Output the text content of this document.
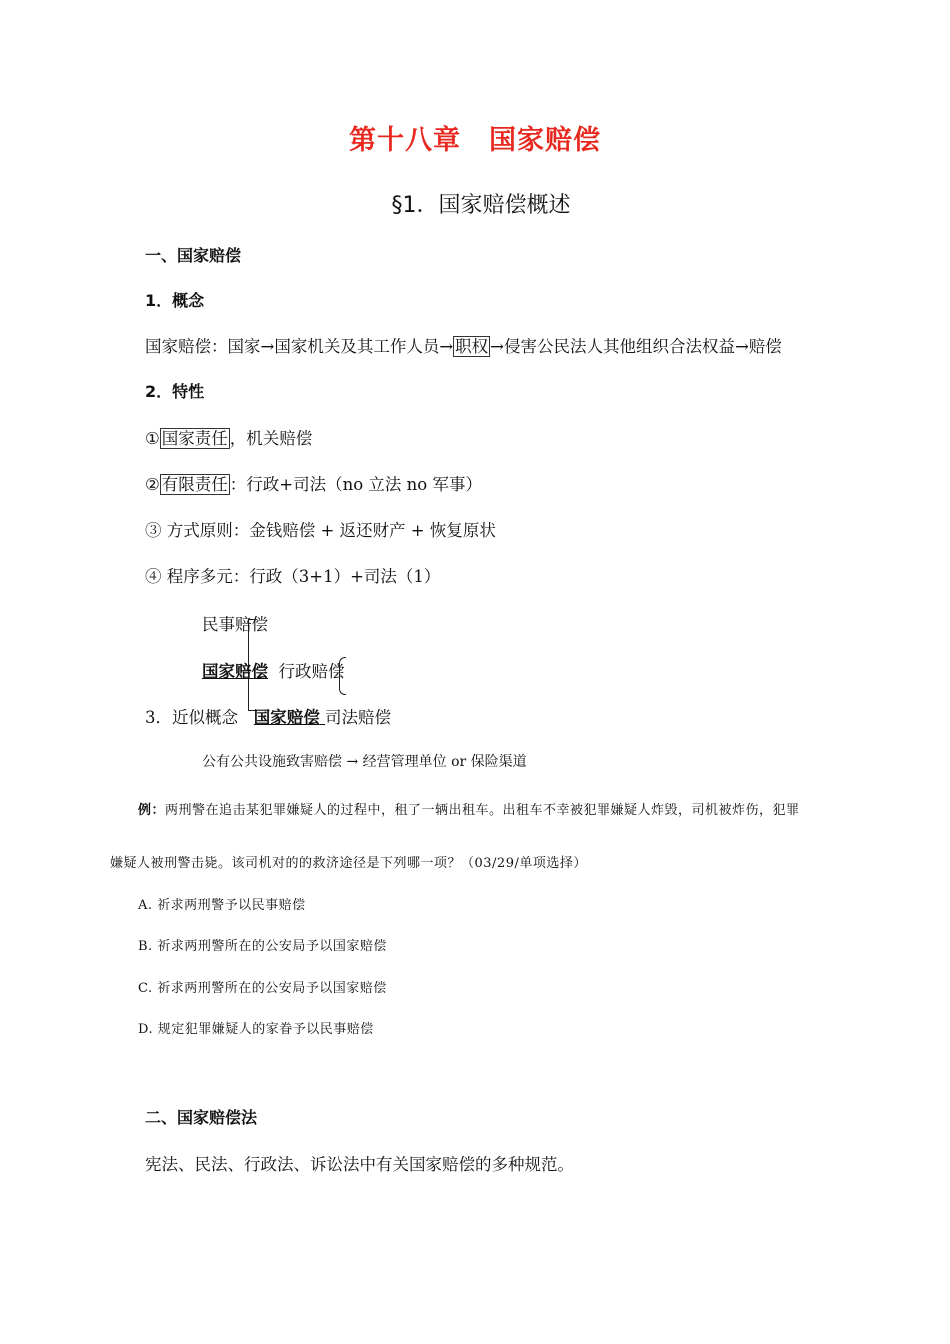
第十八章　国家赔偿
§1．国家赔偿概述
一、国家赔偿
1．概念
国家赔偿：国家→国家机关及其工作人员→ 职权 →侵害公民法人其他组织合法权益→赔偿
2．特性
① 国家责任 ，机关赔偿
② 有限责任 ：行政+司法（no 立法 no 军事）
③ 方式原则：金钱赔偿 + 返还财产 + 恢复原状
④ 程序多元：行政（3+1）+司法（1）
民事赔偿
国家赔偿 行政赔偿
3．近似概念 国家赔偿 司法赔偿
公有公共设施致害赔偿 → 经营管理单位 or 保险渠道
例：两刑警在追击某犯罪嫌疑人的过程中，租了一辆出租车。出租车不幸被犯罪嫌疑人炸毁，司机被炸伤，犯罪
嫌疑人被刑警击毙。该司机对的的救济途径是下列哪一项？（03/29/单项选择）
A. 祈求两刑警予以民事赔偿
B. 祈求两刑警所在的公安局予以国家赔偿
C. 祈求两刑警所在的公安局予以国家赔偿
D. 规定犯罪嫌疑人的家眷予以民事赔偿
二、国家赔偿法
宪法、民法、行政法、诉讼法中有关国家赔偿的多种规范。
